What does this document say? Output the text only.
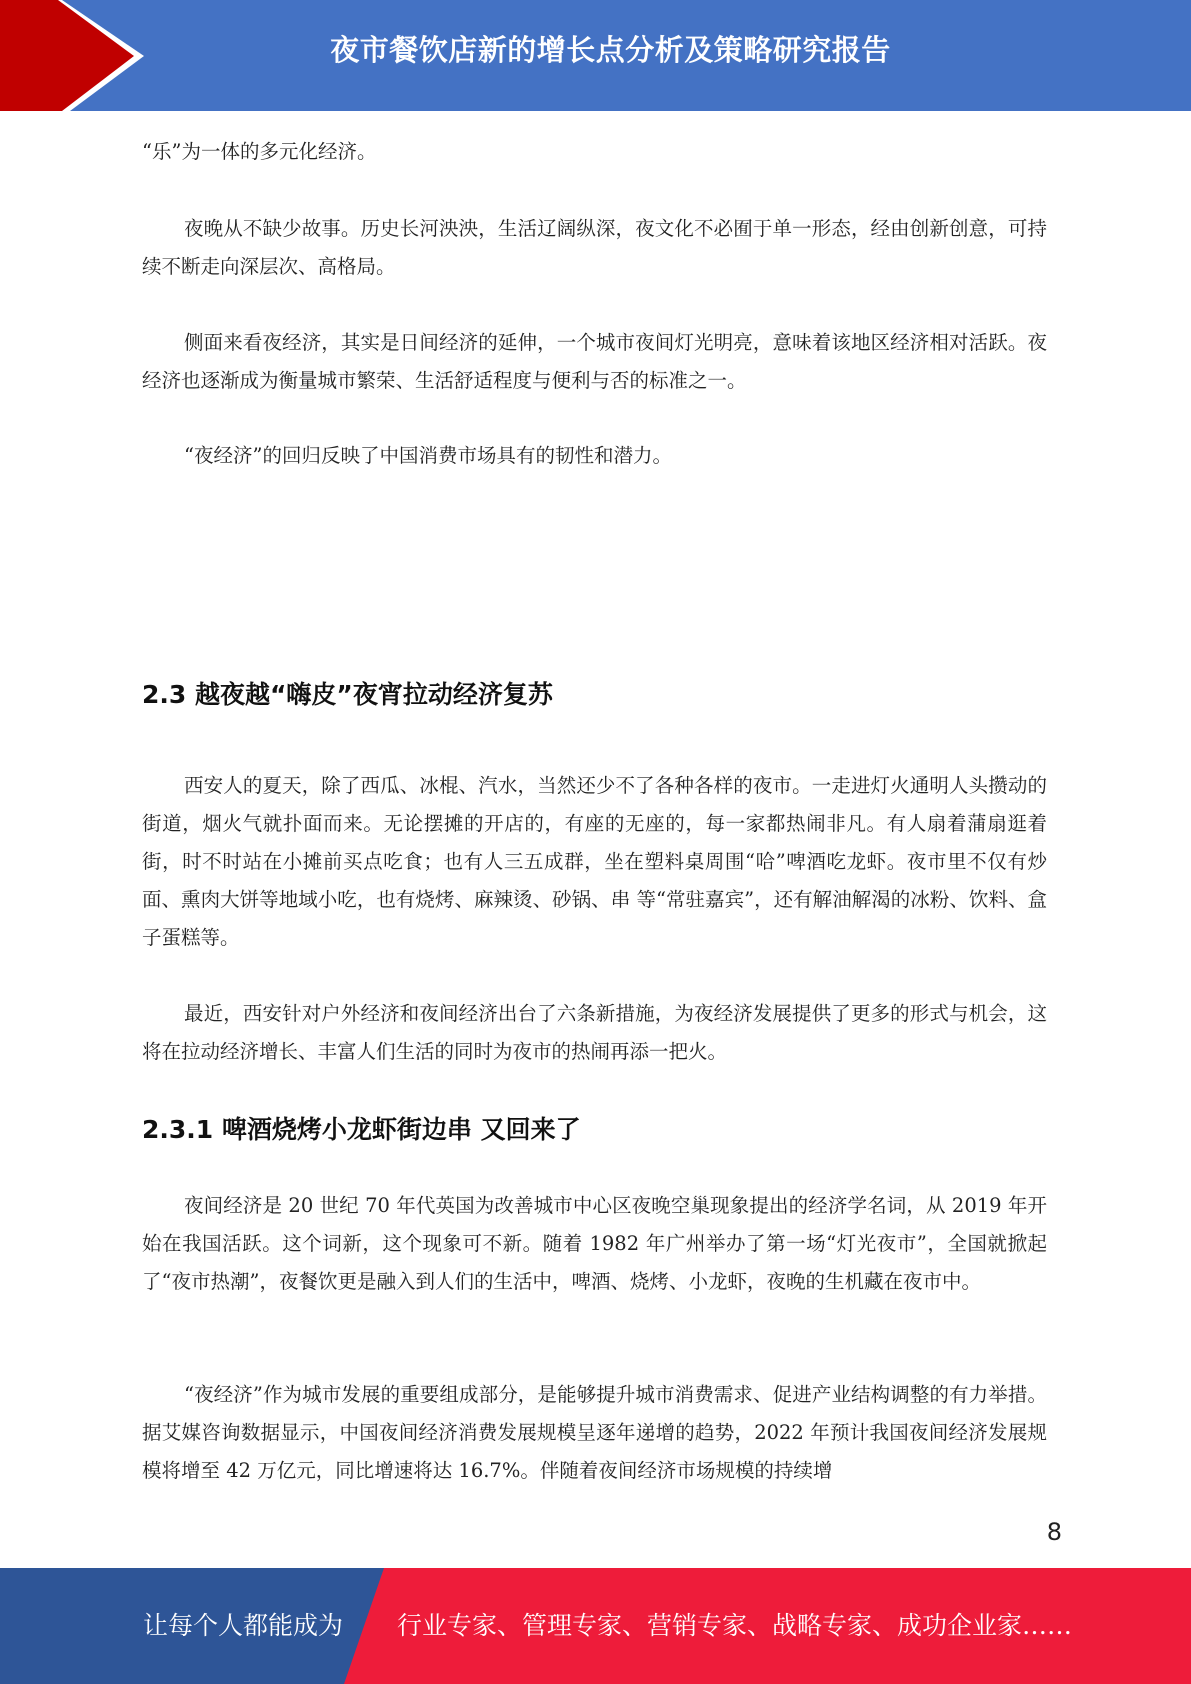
夜市餐饮店新的增长点分析及策略研究报告

“乐”为一体的多元化经济。

夜晚从不缺少故事。历史长河泱泱，生活辽阔纵深，夜文化不必囿于单一形态，经由创新创意，可持续不断走向深层次、高格局。

侧面来看夜经济，其实是日间经济的延伸，一个城市夜间灯光明亮，意味着该地区经济相对活跃。夜经济也逐渐成为衡量城市繁荣、生活舒适程度与便利与否的标准之一。

“夜经济”的回归反映了中国消费市场具有的韧性和潜力。

2.3 越夜越“嗨皮”夜宵拉动经济复苏

西安人的夏天，除了西瓜、冰棍、汽水，当然还少不了各种各样的夜市。一走进灯火通明人头攒动的街道，烟火气就扑面而来。无论摆摊的开店的，有座的无座的，每一家都热闹非凡。有人扇着蒲扇逛着街，时不时站在小摊前买点吃食；也有人三五成群，坐在塑料桌周围“哈”啤酒吃龙虾。夜市里不仅有炒面、熏肉大饼等地域小吃，也有烧烤、麻辣烫、砂锅、串 等“常驻嘉宾”，还有解油解渴的冰粉、饮料、盒子蛋糕等。

最近，西安针对户外经济和夜间经济出台了六条新措施，为夜经济发展提供了更多的形式与机会，这将在拉动经济增长、丰富人们生活的同时为夜市的热闹再添一把火。

2.3.1 啤酒烧烤小龙虾街边串 又回来了

夜间经济是 20 世纪 70 年代英国为改善城市中心区夜晚空巢现象提出的经济学名词，从 2019 年开始在我国活跃。这个词新，这个现象可不新。随着 1982 年广州举办了第一场“灯光夜市”，全国就掀起了“夜市热潮”，夜餐饮更是融入到人们的生活中，啤酒、烧烤、小龙虾，夜晚的生机藏在夜市中。

“夜经济”作为城市发展的重要组成部分，是能够提升城市消费需求、促进产业结构调整的有力举措。据艾媒咨询数据显示，中国夜间经济消费发展规模呈逐年递增的趋势，2022 年预计我国夜间经济发展规模将增至 42 万亿元，同比增速将达 16.7%。伴随着夜间经济市场规模的持续增

8
让每个人都能成为 行业专家、管理专家、营销专家、战略专家、成功企业家……
